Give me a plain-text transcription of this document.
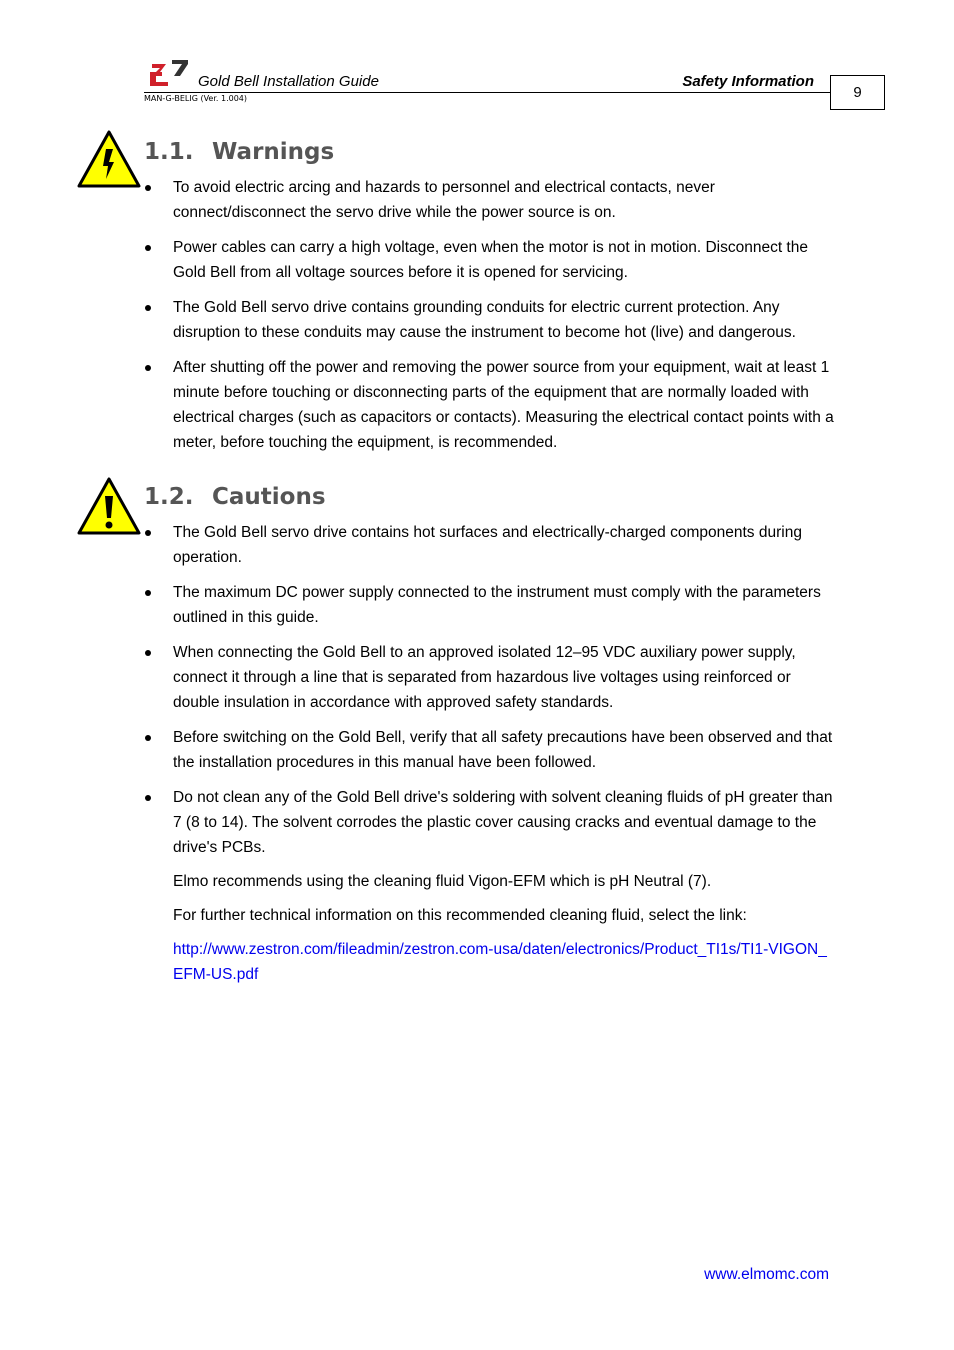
Gold Bell Installation Guide	Safety Information
MAN-G-BELIG (Ver. 1.004)	9
1.1. Warnings
To avoid electric arcing and hazards to personnel and electrical contacts, never connect/disconnect the servo drive while the power source is on.
Power cables can carry a high voltage, even when the motor is not in motion. Disconnect the Gold Bell from all voltage sources before it is opened for servicing.
The Gold Bell servo drive contains grounding conduits for electric current protection. Any disruption to these conduits may cause the instrument to become hot (live) and dangerous.
After shutting off the power and removing the power source from your equipment, wait at least 1 minute before touching or disconnecting parts of the equipment that are normally loaded with electrical charges (such as capacitors or contacts). Measuring the electrical contact points with a meter, before touching the equipment, is recommended.
1.2. Cautions
The Gold Bell servo drive contains hot surfaces and electrically-charged components during operation.
The maximum DC power supply connected to the instrument must comply with the parameters outlined in this guide.
When connecting the Gold Bell to an approved isolated 12–95 VDC auxiliary power supply, connect it through a line that is separated from hazardous live voltages using reinforced or double insulation in accordance with approved safety standards.
Before switching on the Gold Bell, verify that all safety precautions have been observed and that the installation procedures in this manual have been followed.
Do not clean any of the Gold Bell drive's soldering with solvent cleaning fluids of pH greater than 7 (8 to 14). The solvent corrodes the plastic cover causing cracks and eventual damage to the drive's PCBs.
Elmo recommends using the cleaning fluid Vigon-EFM which is pH Neutral (7).
For further technical information on this recommended cleaning fluid, select the link:
http://www.zestron.com/fileadmin/zestron.com-usa/daten/electronics/Product_TI1s/TI1-VIGON_EFM-US.pdf
www.elmomc.com
